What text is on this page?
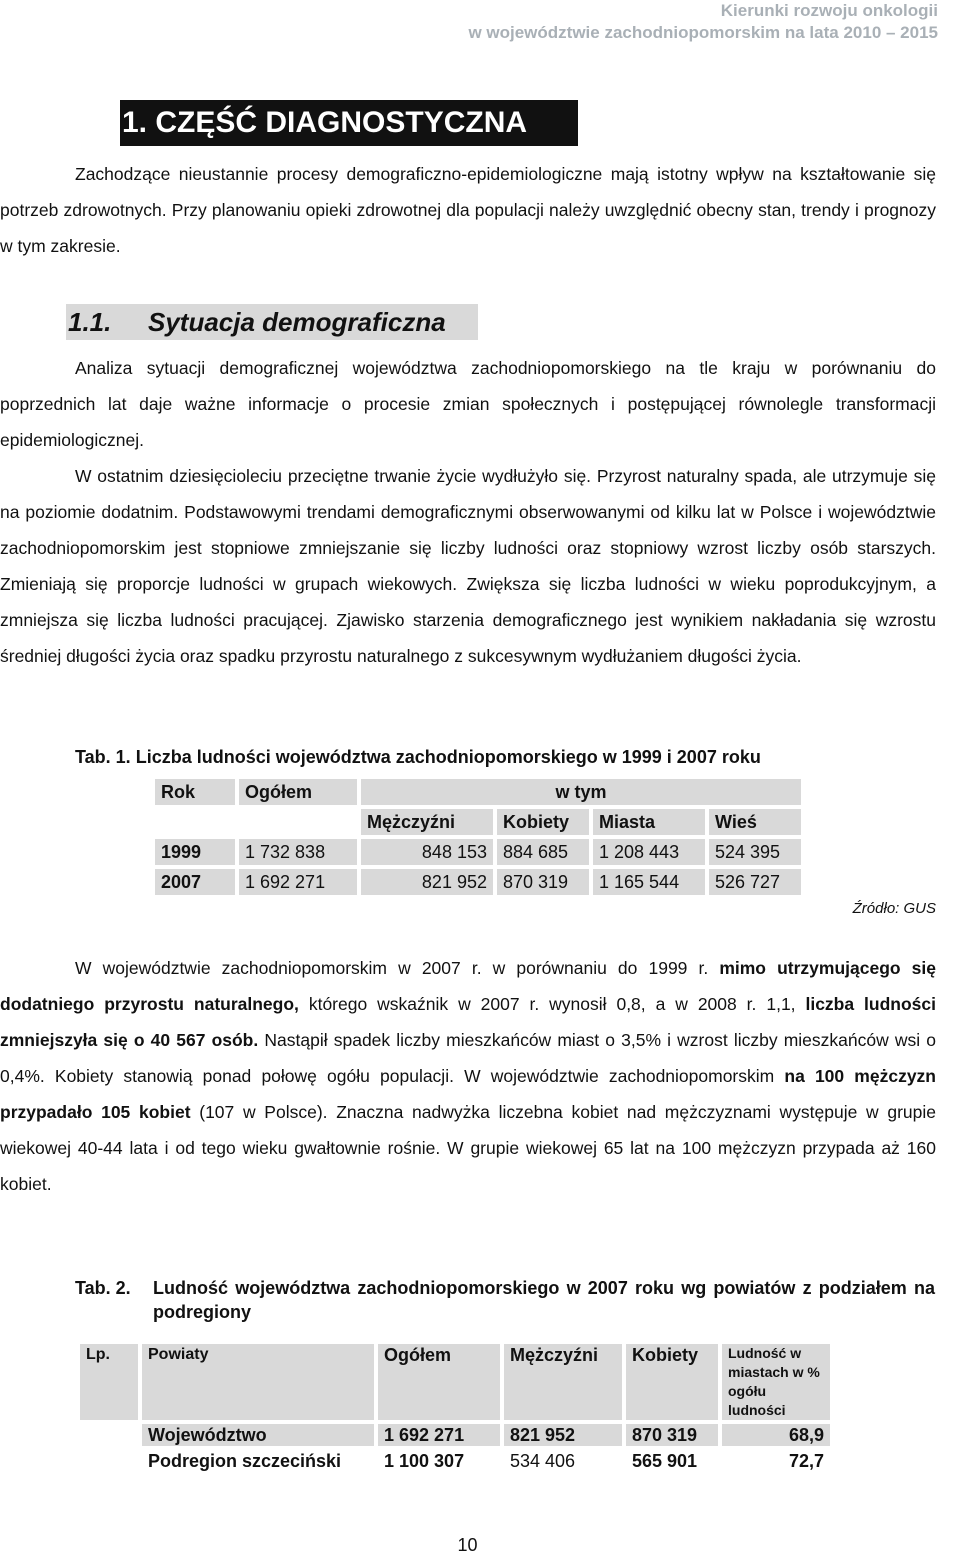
Kierunki rozwoju onkologii
w województwie zachodniopomorskim na lata 2010 – 2015
1. CZĘŚĆ DIAGNOSTYCZNA

Zachodzące nieustannie procesy demograficzno-epidemiologiczne mają istotny wpływ na kształtowanie się potrzeb zdrowotnych. Przy planowaniu opieki zdrowotnej dla populacji należy uwzględnić obecny stan, trendy i prognozy w tym zakresie.

1.1. Sytuacja demograficzna

Analiza sytuacji demograficznej województwa zachodniopomorskiego na tle kraju w porównaniu do poprzednich lat daje ważne informacje o procesie zmian społecznych i postępującej równolegle transformacji epidemiologicznej.

W ostatnim dziesięcioleciu przeciętne trwanie życie wydłużyło się. Przyrost naturalny spada, ale utrzymuje się na poziomie dodatnim. Podstawowymi trendami demograficznymi obserwowanymi od kilku lat w Polsce i województwie zachodniopomorskim jest stopniowe zmniejszanie się liczby ludności oraz stopniowy wzrost liczby osób starszych. Zmieniają się proporcje ludności w grupach wiekowych. Zwiększa się liczba ludności w wieku poprodukcyjnym, a zmniejsza się liczba ludności pracującej. Zjawisko starzenia demograficznego jest wynikiem nakładania się wzrostu średniej długości życia oraz spadku przyrostu naturalnego z sukcesywnym wydłużaniem długości życia.

Tab. 1. Liczba ludności województwa zachodniopomorskiego w 1999 i 2007 roku
Rok	Ogółem	w tym			
		Mężczyźni	Kobiety	Miasta	Wieś
1999	1 732 838	848 153	884 685	1 208 443	524 395
2007	1 692 271	821 952	870 319	1 165 544	526 727
Źródło: GUS

W województwie zachodniopomorskim w 2007 r. w porównaniu do 1999 r. mimo utrzymującego się dodatniego przyrostu naturalnego, którego wskaźnik w 2007 r. wynosił 0,8, a w 2008 r. 1,1, liczba ludności zmniejszyła się o 40 567 osób. Nastąpił spadek liczby mieszkańców miast o 3,5% i wzrost liczby mieszkańców wsi o 0,4%. Kobiety stanowią ponad połowę ogółu populacji. W województwie zachodniopomorskim na 100 mężczyzn przypadało 105 kobiet (107 w Polsce). Znaczna nadwyżka liczebna kobiet nad mężczyznami występuje w grupie wiekowej 40-44 lata i od tego wieku gwałtownie rośnie. W grupie wiekowej 65 lat na 100 mężczyzn przypada aż 160 kobiet.

Tab. 2. Ludność województwa zachodniopomorskiego w 2007 roku wg powiatów z podziałem na podregiony
Lp.	Powiaty	Ogółem	Mężczyźni	Kobiety	Ludność w miastach w % ogółu ludności
	Województwo	1 692 271	821 952	870 319	68,9
	Podregion szczeciński	1 100 307	534 406	565 901	72,7
10
